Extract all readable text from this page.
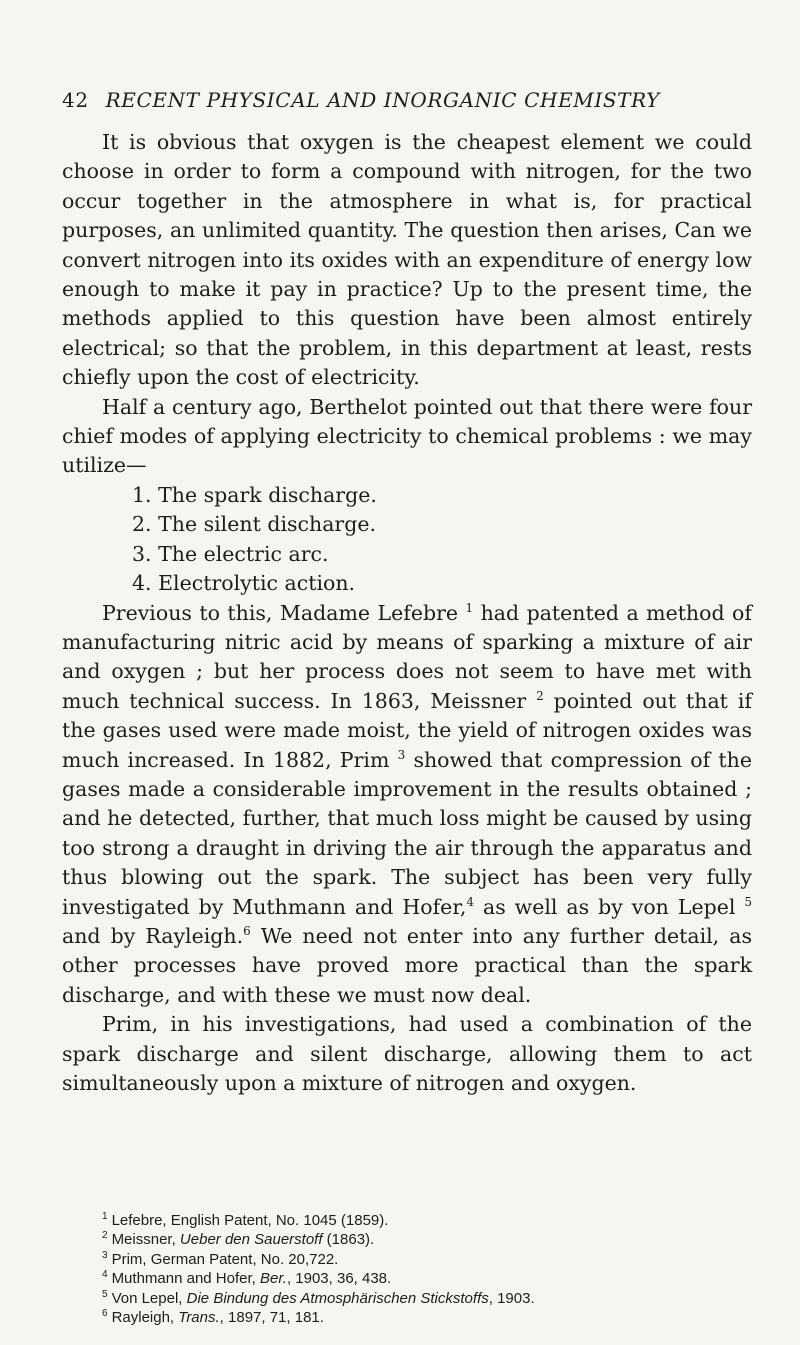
42 RECENT PHYSICAL AND INORGANIC CHEMISTRY

It is obvious that oxygen is the cheapest element we could choose in order to form a compound with nitrogen, for the two occur together in the atmosphere in what is, for practical purposes, an unlimited quantity. The question then arises, Can we convert nitrogen into its oxides with an expenditure of energy low enough to make it pay in practice? Up to the present time, the methods applied to this question have been almost entirely electrical; so that the problem, in this department at least, rests chiefly upon the cost of electricity.

Half a century ago, Berthelot pointed out that there were four chief modes of applying electricity to chemical problems : we may utilize—

1. The spark discharge.
2. The silent discharge.
3. The electric arc.
4. Electrolytic action.

Previous to this, Madame Lefebre $^1$ had patented a method of manufacturing nitric acid by means of sparking a mixture of air and oxygen ; but her process does not seem to have met with much technical success. In 1863, Meissner $^2$ pointed out that if the gases used were made moist, the yield of nitrogen oxides was much increased. In 1882, Prim $^3$ showed that compression of the gases made a considerable improvement in the results obtained ; and he detected, further, that much loss might be caused by using too strong a draught in driving the air through the apparatus and thus blowing out the spark. The subject has been very fully investigated by Muthmann and Hofer,$^4$ as well as by von Lepel $^5$ and by Rayleigh.$^6$ We need not enter into any further detail, as other processes have proved more practical than the spark discharge, and with these we must now deal.

Prim, in his investigations, had used a combination of the spark discharge and silent discharge, allowing them to act simultaneously upon a mixture of nitrogen and oxygen.

$^1$ Lefebre, English Patent, No. 1045 (1859).
$^2$ Meissner, Ueber den Sauerstoff (1863).
$^3$ Prim, German Patent, No. 20,722.
$^4$ Muthmann and Hofer, Ber., 1903, 36, 438.
$^5$ Von Lepel, Die Bindung des Atmosphärischen Stickstoffs, 1903.
$^6$ Rayleigh, Trans., 1897, 71, 181.
